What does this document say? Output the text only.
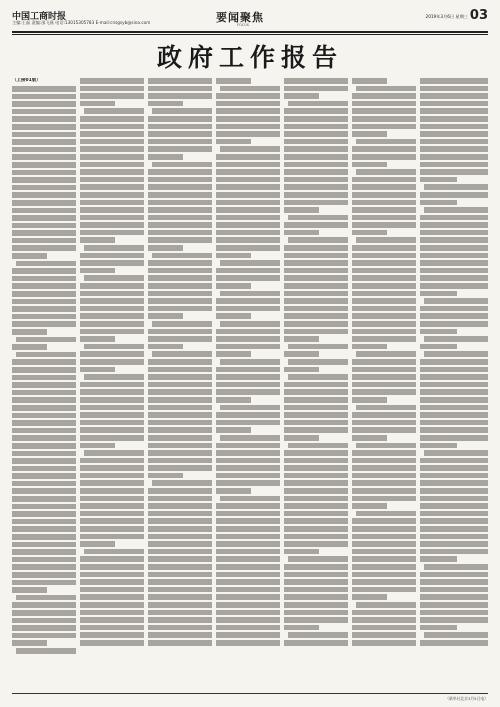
中国工商时报
主编:王磊 责编:邵飞燕 电话:13015305783 E-mail:cnsgsyb@sina.com	要闻聚焦
FOCUS
2019年3月6日 星期三 03
政府工作报告
（上接01版）
（新华社北京3月5日电）
